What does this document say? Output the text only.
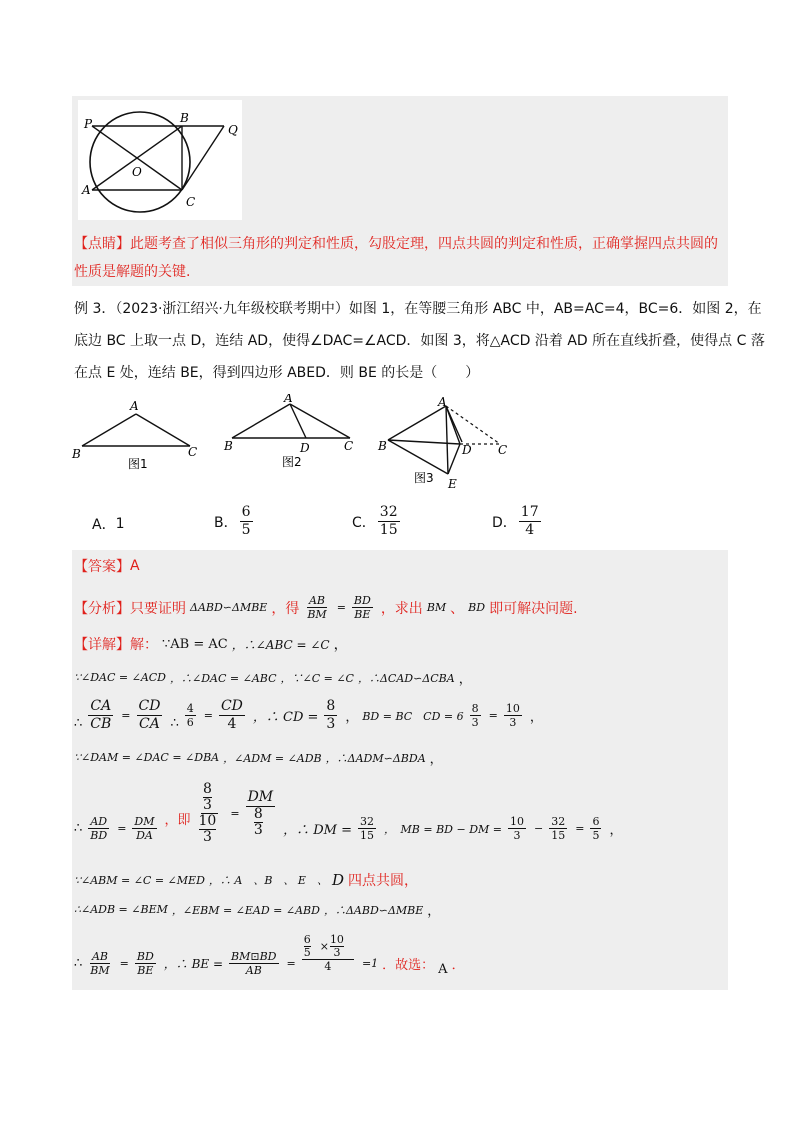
P	B
Q
O
A
C
【点睛】此题考查了相似三角形的判定和性质，勾股定理，四点共圆的判定和性质，正确掌握四点共圆的
性质是解题的关键.
例 3．（2023·浙江绍兴·九年级校联考期中）如图 1，在等腰三角形 ABC 中，AB=AC=4，BC=6．如图 2，在
底边 BC 上取一点 D，连结 AD，使得∠DAC=∠ACD．如图 3，将△ACD 沿着 AD 所在直线折叠，使得点 C 落
在点 E 处，连结 BE，得到四边形 ABED．则 BE 的长是（　　）
A
B	C
图1
A
B	D	C
图2
A
B	D C
E
图3
A． 1	B． $\frac{6}{5}$	C． $\frac{32}{15}$	D． $\frac{17}{4}$
【答案】 A
【分析】 只要证明 ΔABD∽ΔMBE ，得 $\frac{AB}{BM} = \frac{BD}{BE}$ ，求出 BM 、 BD 即可解决问题.
【详解】 解： ∵AB = AC ，∴∠ABC = ∠C ，
∵∠DAC = ∠ACD ，∴∠DAC = ∠ABC ，∵∠C = ∠C ，∴ΔCAD∽ΔCBA ，
∴ $\frac{CA}{CB} = \frac{CD}{CA}$ ∴ $\frac{4}{6} = \frac{CD}{4}$ ，∴ CD = $\frac{8}{3}$ ， BD = BC　CD = $6 \frac{8}{3} = \frac{10}{3}$ ，
∵∠DAM = ∠DAC = ∠DBA ，∠ADM = ∠ADB ，∴ΔADM∽ΔBDA ，
∴ $\frac{AD}{BD} = \frac{DM}{DA}$ ，即 8
3
10
3 = DM
8
3 ，∴ DM = $\frac{32}{15}$ ，　MB = BD − DM = $\frac{10}{3} - \frac{32}{15} = \frac{6}{5}$ ，
∵∠ABM = ∠C = ∠MED ，∴ A　、B　、 E　、 D 四点共圆，
∴∠ADB = ∠BEM ，∠EBM = ∠EAD = ∠ABD ，∴ΔABD∽ΔMBE ，
∴ $\frac{AB}{BM} = \frac{BD}{BE}$ ，∴ BE = $\frac{BM⊡BD}{AB} = \frac{\frac{6}{5} \times \frac{10}{3}}{4} =1$ ．故选： A ．
